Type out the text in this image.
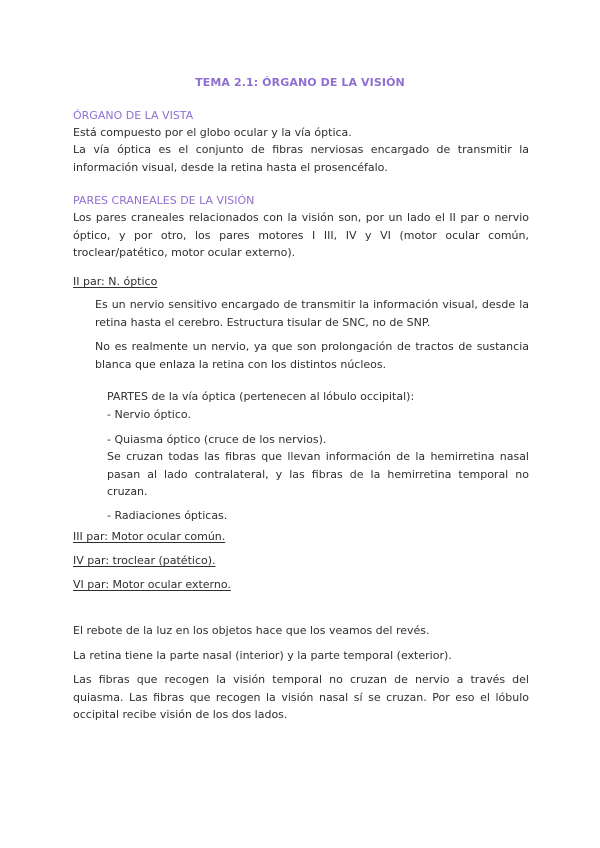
TEMA 2.1: ÓRGANO DE LA VISIÓN
ÓRGANO DE LA VISTA
Está compuesto por el globo ocular y la vía óptica.
La vía óptica es el conjunto de fibras nerviosas encargado de transmitir la información visual, desde la retina hasta el prosencéfalo.
PARES CRANEALES DE LA VISIÓN
Los pares craneales relacionados con la visión son, por un lado el II par o nervio óptico, y por otro, los pares motores I III, IV y VI (motor ocular común, troclear/patético, motor ocular externo).
II par: N. óptico
Es un nervio sensitivo encargado de transmitir la información visual, desde la retina hasta el cerebro. Estructura tisular de SNC, no de SNP.
No es realmente un nervio, ya que son prolongación de tractos de sustancia blanca que enlaza la retina con los distintos núcleos.
PARTES de la vía óptica (pertenecen al lóbulo occipital):
- Nervio óptico.
- Quiasma óptico (cruce de los nervios).
Se cruzan todas las fibras que llevan información de la hemirretina nasal pasan al lado contralateral, y las fibras de la hemirretina temporal no cruzan.
- Radiaciones ópticas.
III par: Motor ocular común.
IV par: troclear (patético).
VI par: Motor ocular externo.
El rebote de la luz en los objetos hace que los veamos del revés.
La retina tiene la parte nasal (interior) y la parte temporal (exterior).
Las fibras que recogen la visión temporal no cruzan de nervio a través del quiasma. Las fibras que recogen la visión nasal sí se cruzan. Por eso el lóbulo occipital recibe visión de los dos lados.
